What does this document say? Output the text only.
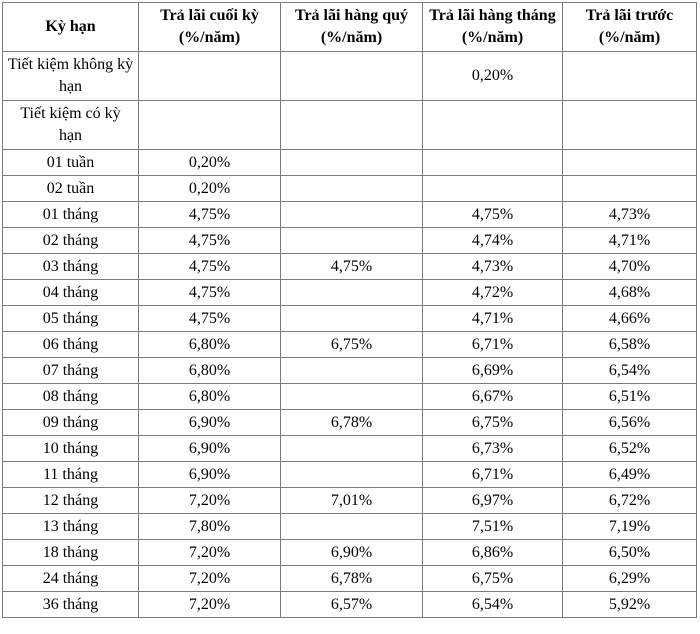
Kỳ hạn	Trả lãi cuối kỳ (%/năm)	Trả lãi hàng quý (%/năm)	Trả lãi hàng tháng (%/năm)	Trả lãi trước (%/năm)
Tiết kiệm không kỳ hạn			0,20%	
Tiết kiệm có kỳ hạn				
01 tuần	0,20%			
02 tuần	0,20%			
01 tháng	4,75%		4,75%	4,73%
02 tháng	4,75%		4,74%	4,71%
03 tháng	4,75%	4,75%	4,73%	4,70%
04 tháng	4,75%		4,72%	4,68%
05 tháng	4,75%		4,71%	4,66%
06 tháng	6,80%	6,75%	6,71%	6,58%
07 tháng	6,80%		6,69%	6,54%
08 tháng	6,80%		6,67%	6,51%
09 tháng	6,90%	6,78%	6,75%	6,56%
10 tháng	6,90%		6,73%	6,52%
11 tháng	6,90%		6,71%	6,49%
12 tháng	7,20%	7,01%	6,97%	6,72%
13 tháng	7,80%		7,51%	7,19%
18 tháng	7,20%	6,90%	6,86%	6,50%
24 tháng	7,20%	6,78%	6,75%	6,29%
36 tháng	7,20%	6,57%	6,54%	5,92%
